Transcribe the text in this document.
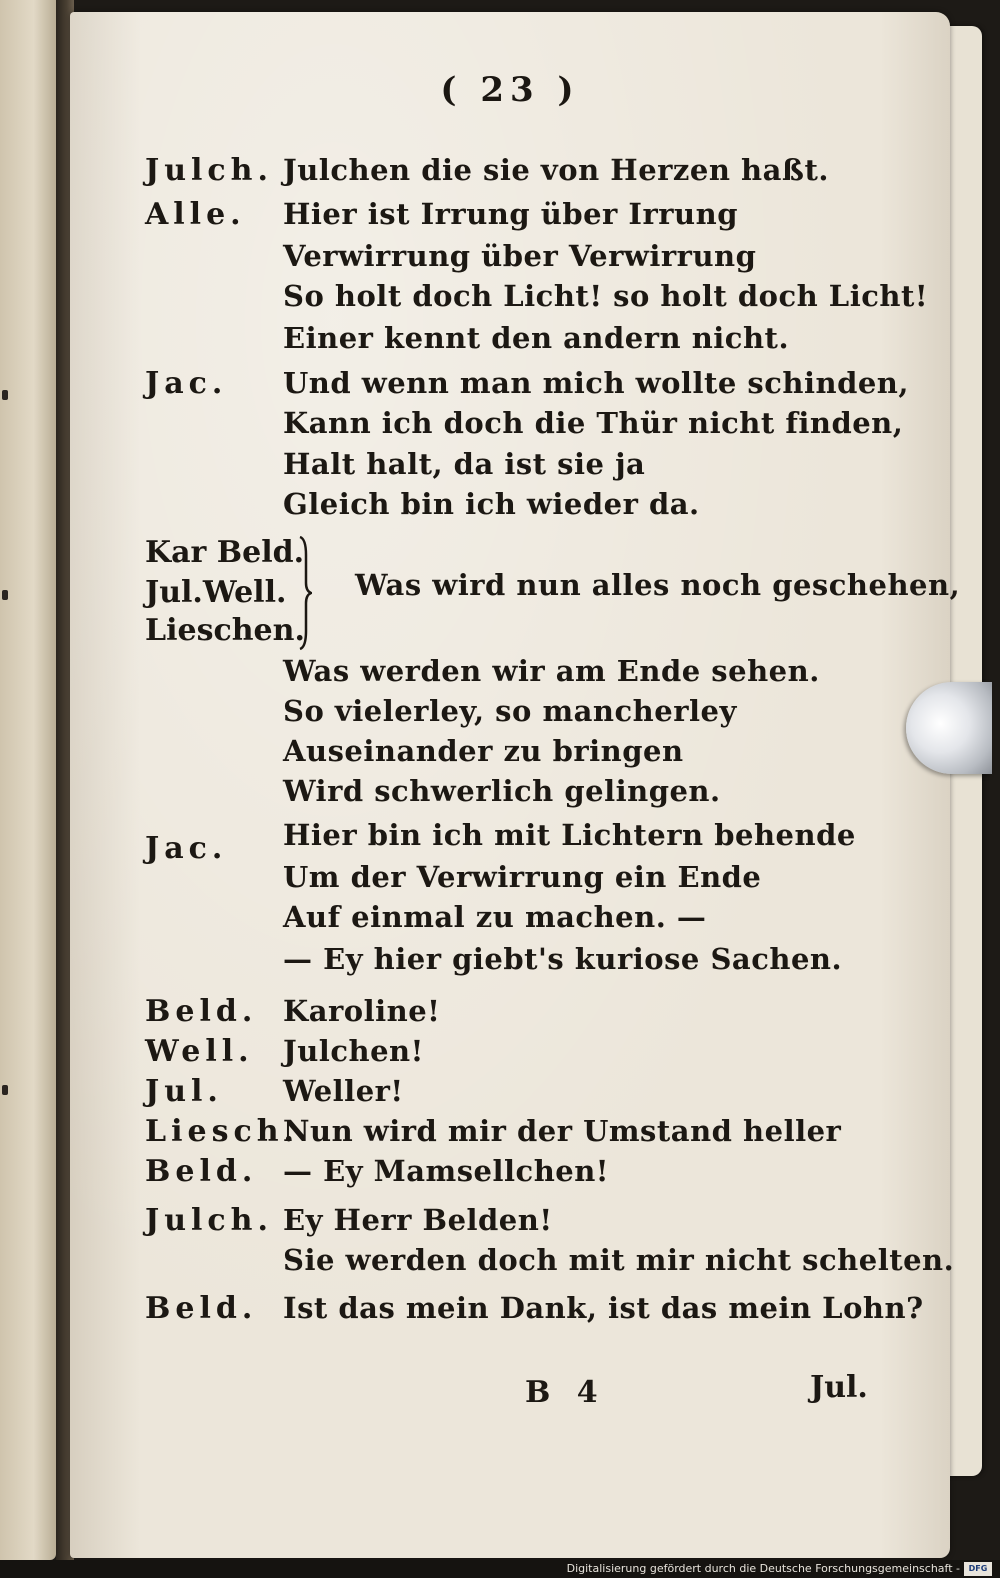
( 23 )
Julch. Julchen die sie von Herzen haßt.
Alle. Hier ist Irrung über Irrung
Verwirrung über Verwirrung
So holt doch Licht! so holt doch Licht!
Einer kennt den andern nicht.
Jac. Und wenn man mich wollte schinden,
Kann ich doch die Thür nicht finden,
Halt halt, da ist sie ja
Gleich bin ich wieder da.
Kar Beld.
Jul.Well. Was wird nun alles noch geschehen,
Lieschen.
Was werden wir am Ende sehen.
So vielerley, so mancherley
Auseinander zu bringen
Wird schwerlich gelingen.
Jac. Hier bin ich mit Lichtern behende
Um der Verwirrung ein Ende
Auf einmal zu machen. —
— Ey hier giebt's kuriose Sachen.
Beld. Karoline!
Well. Julchen!
Jul. Weller!
Liesch.
Nun wird mir der Umstand heller
Beld. — Ey Mamsellchen!
Julch. Ey Herr Belden!
Sie werden doch mit mir nicht schelten.
Beld. Ist das mein Dank, ist das mein Lohn?
B 4	Jul.
Digitalisierung gefördert durch die Deutsche Forschungsgemeinschaft -	DFG
